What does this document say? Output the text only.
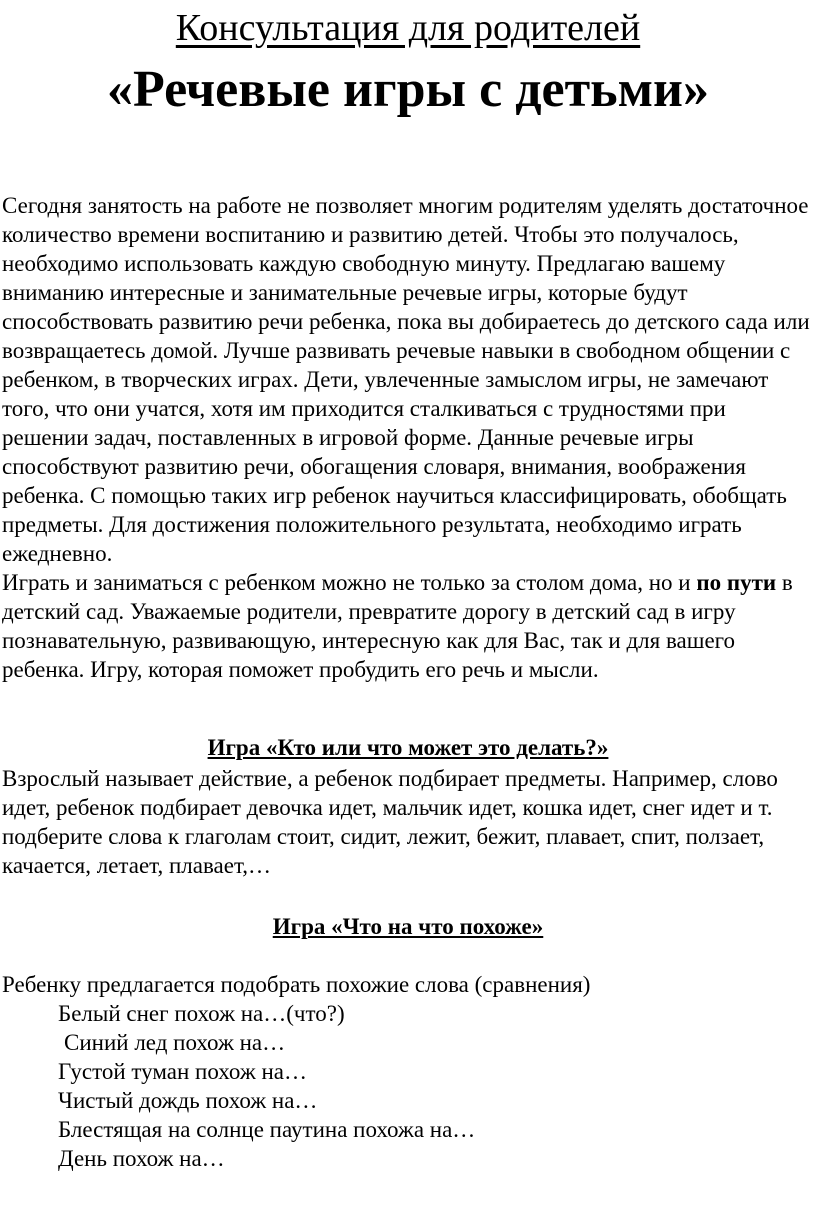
Консультация для родителей
«Речевые игры с детьми»

Сегодня занятость на работе не позволяет многим родителям уделять достаточное количество времени воспитанию и развитию детей. Чтобы это получалось, необходимо использовать каждую свободную минуту. Предлагаю вашему вниманию интересные и занимательные речевые игры, которые будут способствовать развитию речи ребенка, пока вы добираетесь до детского сада или возвращаетесь домой. Лучше развивать речевые навыки в свободном общении с ребенком, в творческих играх. Дети, увлеченные замыслом игры, не замечают того, что они учатся, хотя им приходится сталкиваться с трудностями при решении задач, поставленных в игровой форме. Данные речевые игры способствуют развитию речи, обогащения словаря, внимания, воображения ребенка. С помощью таких игр ребенок научиться классифицировать, обобщать предметы. Для достижения положительного результата, необходимо играть ежедневно.

Играть и заниматься с ребенком можно не только за столом дома, но и по пути в детский сад. Уважаемые родители, превратите дорогу в детский сад в игру познавательную, развивающую, интересную как для Вас, так и для вашего ребенка. Игру, которая поможет пробудить его речь и мысли.

Игра «Кто или что может это делать?»

Взрослый называет действие, а ребенок подбирает предметы. Например, слово идет, ребенок подбирает девочка идет, мальчик идет, кошка идет, снег идет и т. подберите слова к глаголам стоит, сидит, лежит, бежит, плавает, спит, ползает, качается, летает, плавает,…

Игра «Что на что похоже»

Ребенку предлагается подобрать похожие слова (сравнения)

Белый снег похож на…(что?)

Синий лед похож на…

Густой туман похож на…

Чистый дождь похож на…

Блестящая на солнце паутина похожа на…

День похож на…
